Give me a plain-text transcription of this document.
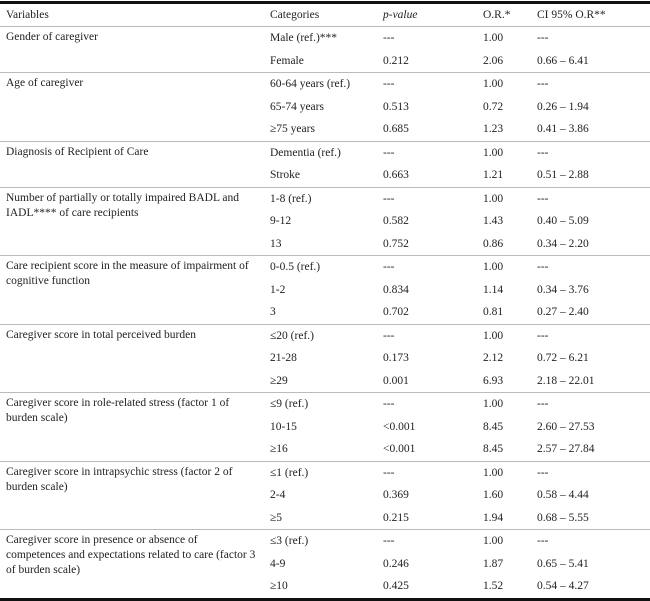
Variables	Categories	p-value	O.R.*	CI 95% O.R**
Gender of caregiver	Male (ref.)***	---	1.00	---
	Female	0.212	2.06	0.66 – 6.41
Age of caregiver	60-64 years (ref.)	---	1.00	---
	65-74 years	0.513	0.72	0.26 – 1.94
	≥75 years	0.685	1.23	0.41 – 3.86
Diagnosis of Recipient of Care	Dementia (ref.)	---	1.00	---
	Stroke	0.663	1.21	0.51 – 2.88
Number of partially or totally impaired BADL and IADL**** of care recipients	1-8 (ref.)	---	1.00	---
	9-12	0.582	1.43	0.40 – 5.09
	13	0.752	0.86	0.34 – 2.20
Care recipient score in the measure of impairment of cognitive function	0-0.5 (ref.)	---	1.00	---
	1-2	0.834	1.14	0.34 – 3.76
	3	0.702	0.81	0.27 – 2.40
Caregiver score in total perceived burden	≤20 (ref.)	---	1.00	---
	21-28	0.173	2.12	0.72 – 6.21
	≥29	0.001	6.93	2.18 – 22.01
Caregiver score in role-related stress (factor 1 of burden scale)	≤9 (ref.)	---	1.00	---
	10-15	<0.001	8.45	2.60 – 27.53
	≥16	<0.001	8.45	2.57 – 27.84
Caregiver score in intrapsychic stress (factor 2 of burden scale)	≤1 (ref.)	---	1.00	---
	2-4	0.369	1.60	0.58 – 4.44
	≥5	0.215	1.94	0.68 – 5.55
Caregiver score in presence or absence of competences and expectations related to care (factor 3 of burden scale)	≤3 (ref.)	---	1.00	---
	4-9	0.246	1.87	0.65 – 5.41
	≥10	0.425	1.52	0.54 – 4.27
